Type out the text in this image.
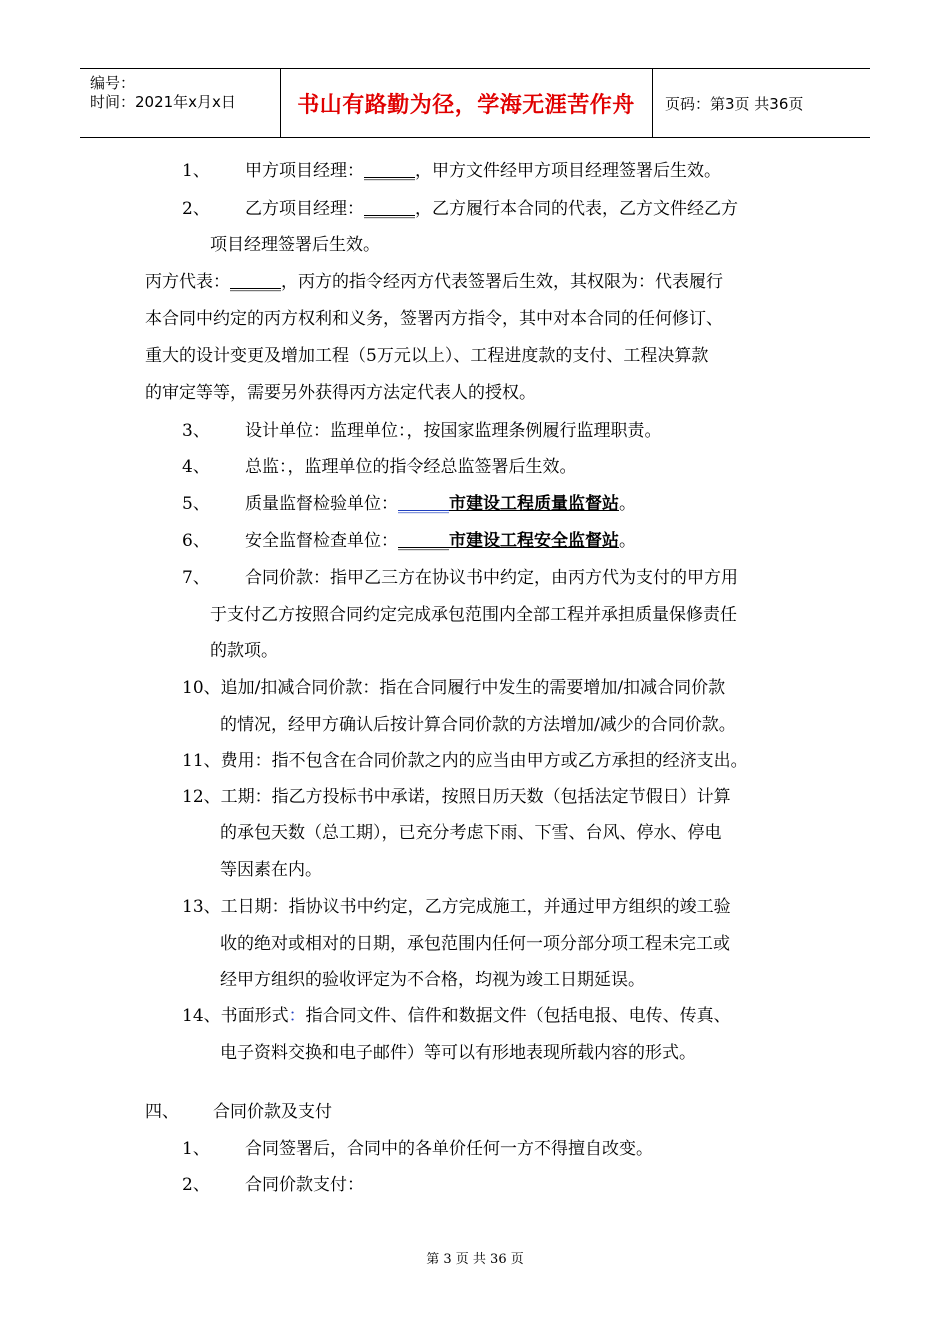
编号：
时间：2021年x月x日	书山有路勤为径，学海无涯苦作舟	页码：第3页 共36页
1、 甲方项目经理：______，甲方文件经甲方项目经理签署后生效。
2、 乙方项目经理：______，乙方履行本合同的代表，乙方文件经乙方
项目经理签署后生效。
丙方代表：______，丙方的指令经丙方代表签署后生效，其权限为：代表履行
本合同中约定的丙方权利和义务，签署丙方指令，其中对本合同的任何修订、
重大的设计变更及增加工程（5万元以上）、工程进度款的支付、工程决算款
的审定等等，需要另外获得丙方法定代表人的授权。
3、 设计单位：监理单位：，按国家监理条例履行监理职责。
4、 总监：，监理单位的指令经总监签署后生效。
5、 质量监督检验单位：______市建设工程质量监督站。
6、 安全监督检查单位：______市建设工程安全监督站。
7、 合同价款：指甲乙三方在协议书中约定，由丙方代为支付的甲方用
于支付乙方按照合同约定完成承包范围内全部工程并承担质量保修责任
的款项。
10、追加/扣减合同价款：指在合同履行中发生的需要增加/扣减合同价款
的情况，经甲方确认后按计算合同价款的方法增加/减少的合同价款。
11、费用：指不包含在合同价款之内的应当由甲方或乙方承担的经济支出。
12、工期：指乙方投标书中承诺，按照日历天数（包括法定节假日）计算
的承包天数（总工期），已充分考虑下雨、下雪、台风、停水、停电
等因素在内。
13、工日期：指协议书中约定，乙方完成施工，并通过甲方组织的竣工验
收的绝对或相对的日期，承包范围内任何一项分部分项工程未完工或
经甲方组织的验收评定为不合格，均视为竣工日期延误。
14、书面形式：指合同文件、信件和数据文件（包括电报、电传、传真、
电子资料交换和电子邮件）等可以有形地表现所载内容的形式。
四、 合同价款及支付
1、 合同签署后，合同中的各单价任何一方不得擅自改变。
2、 合同价款支付：
第 3 页 共 36 页
